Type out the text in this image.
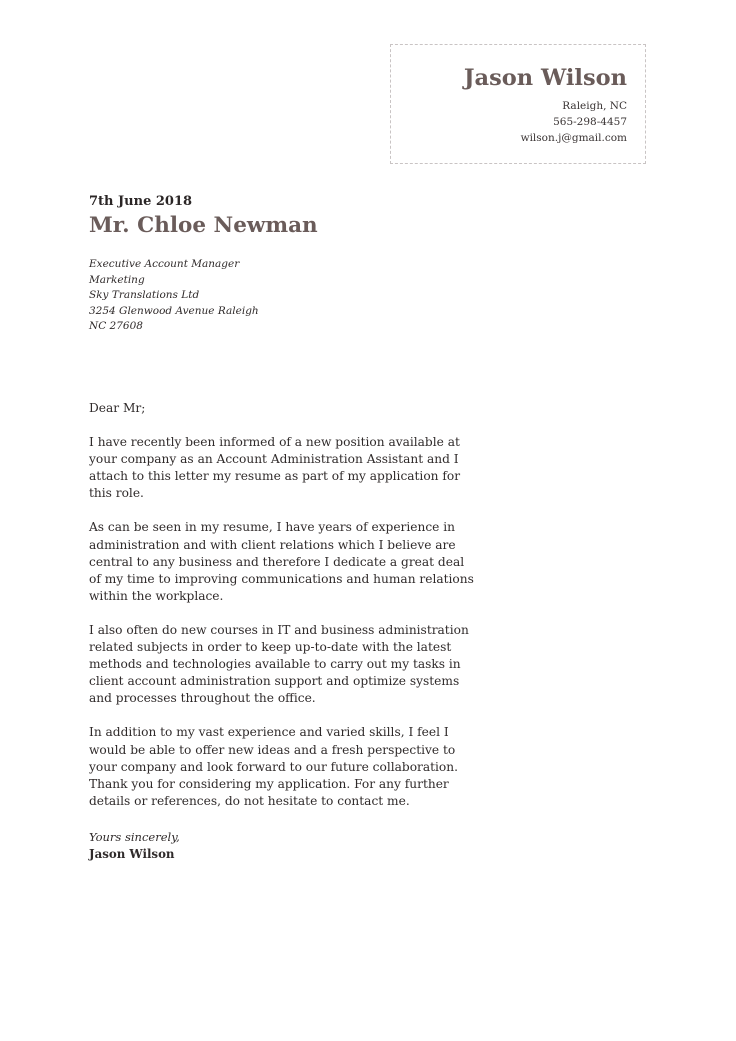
Jason Wilson
Raleigh, NC
565-298-4457
wilson.j@gmail.com
7th June 2018
Mr. Chloe Newman
Executive Account Manager
Marketing
Sky Translations Ltd
3254 Glenwood Avenue Raleigh
NC 27608
Dear Mr;

I have recently been informed of a new position available at your company as an Account Administration Assistant and I attach to this letter my resume as part of my application for this role.

As can be seen in my resume, I have years of experience in administration and with client relations which I believe are central to any business and therefore I dedicate a great deal of my time to improving communications and human relations within the workplace.

I also often do new courses in IT and business administration related subjects in order to keep up-to-date with the latest methods and technologies available to carry out my tasks in client account administration support and optimize systems and processes throughout the office.

In addition to my vast experience and varied skills, I feel I would be able to offer new ideas and a fresh perspective to your company and look forward to our future collaboration. Thank you for considering my application. For any further details or references, do not hesitate to contact me.

Yours sincerely,
Jason Wilson
